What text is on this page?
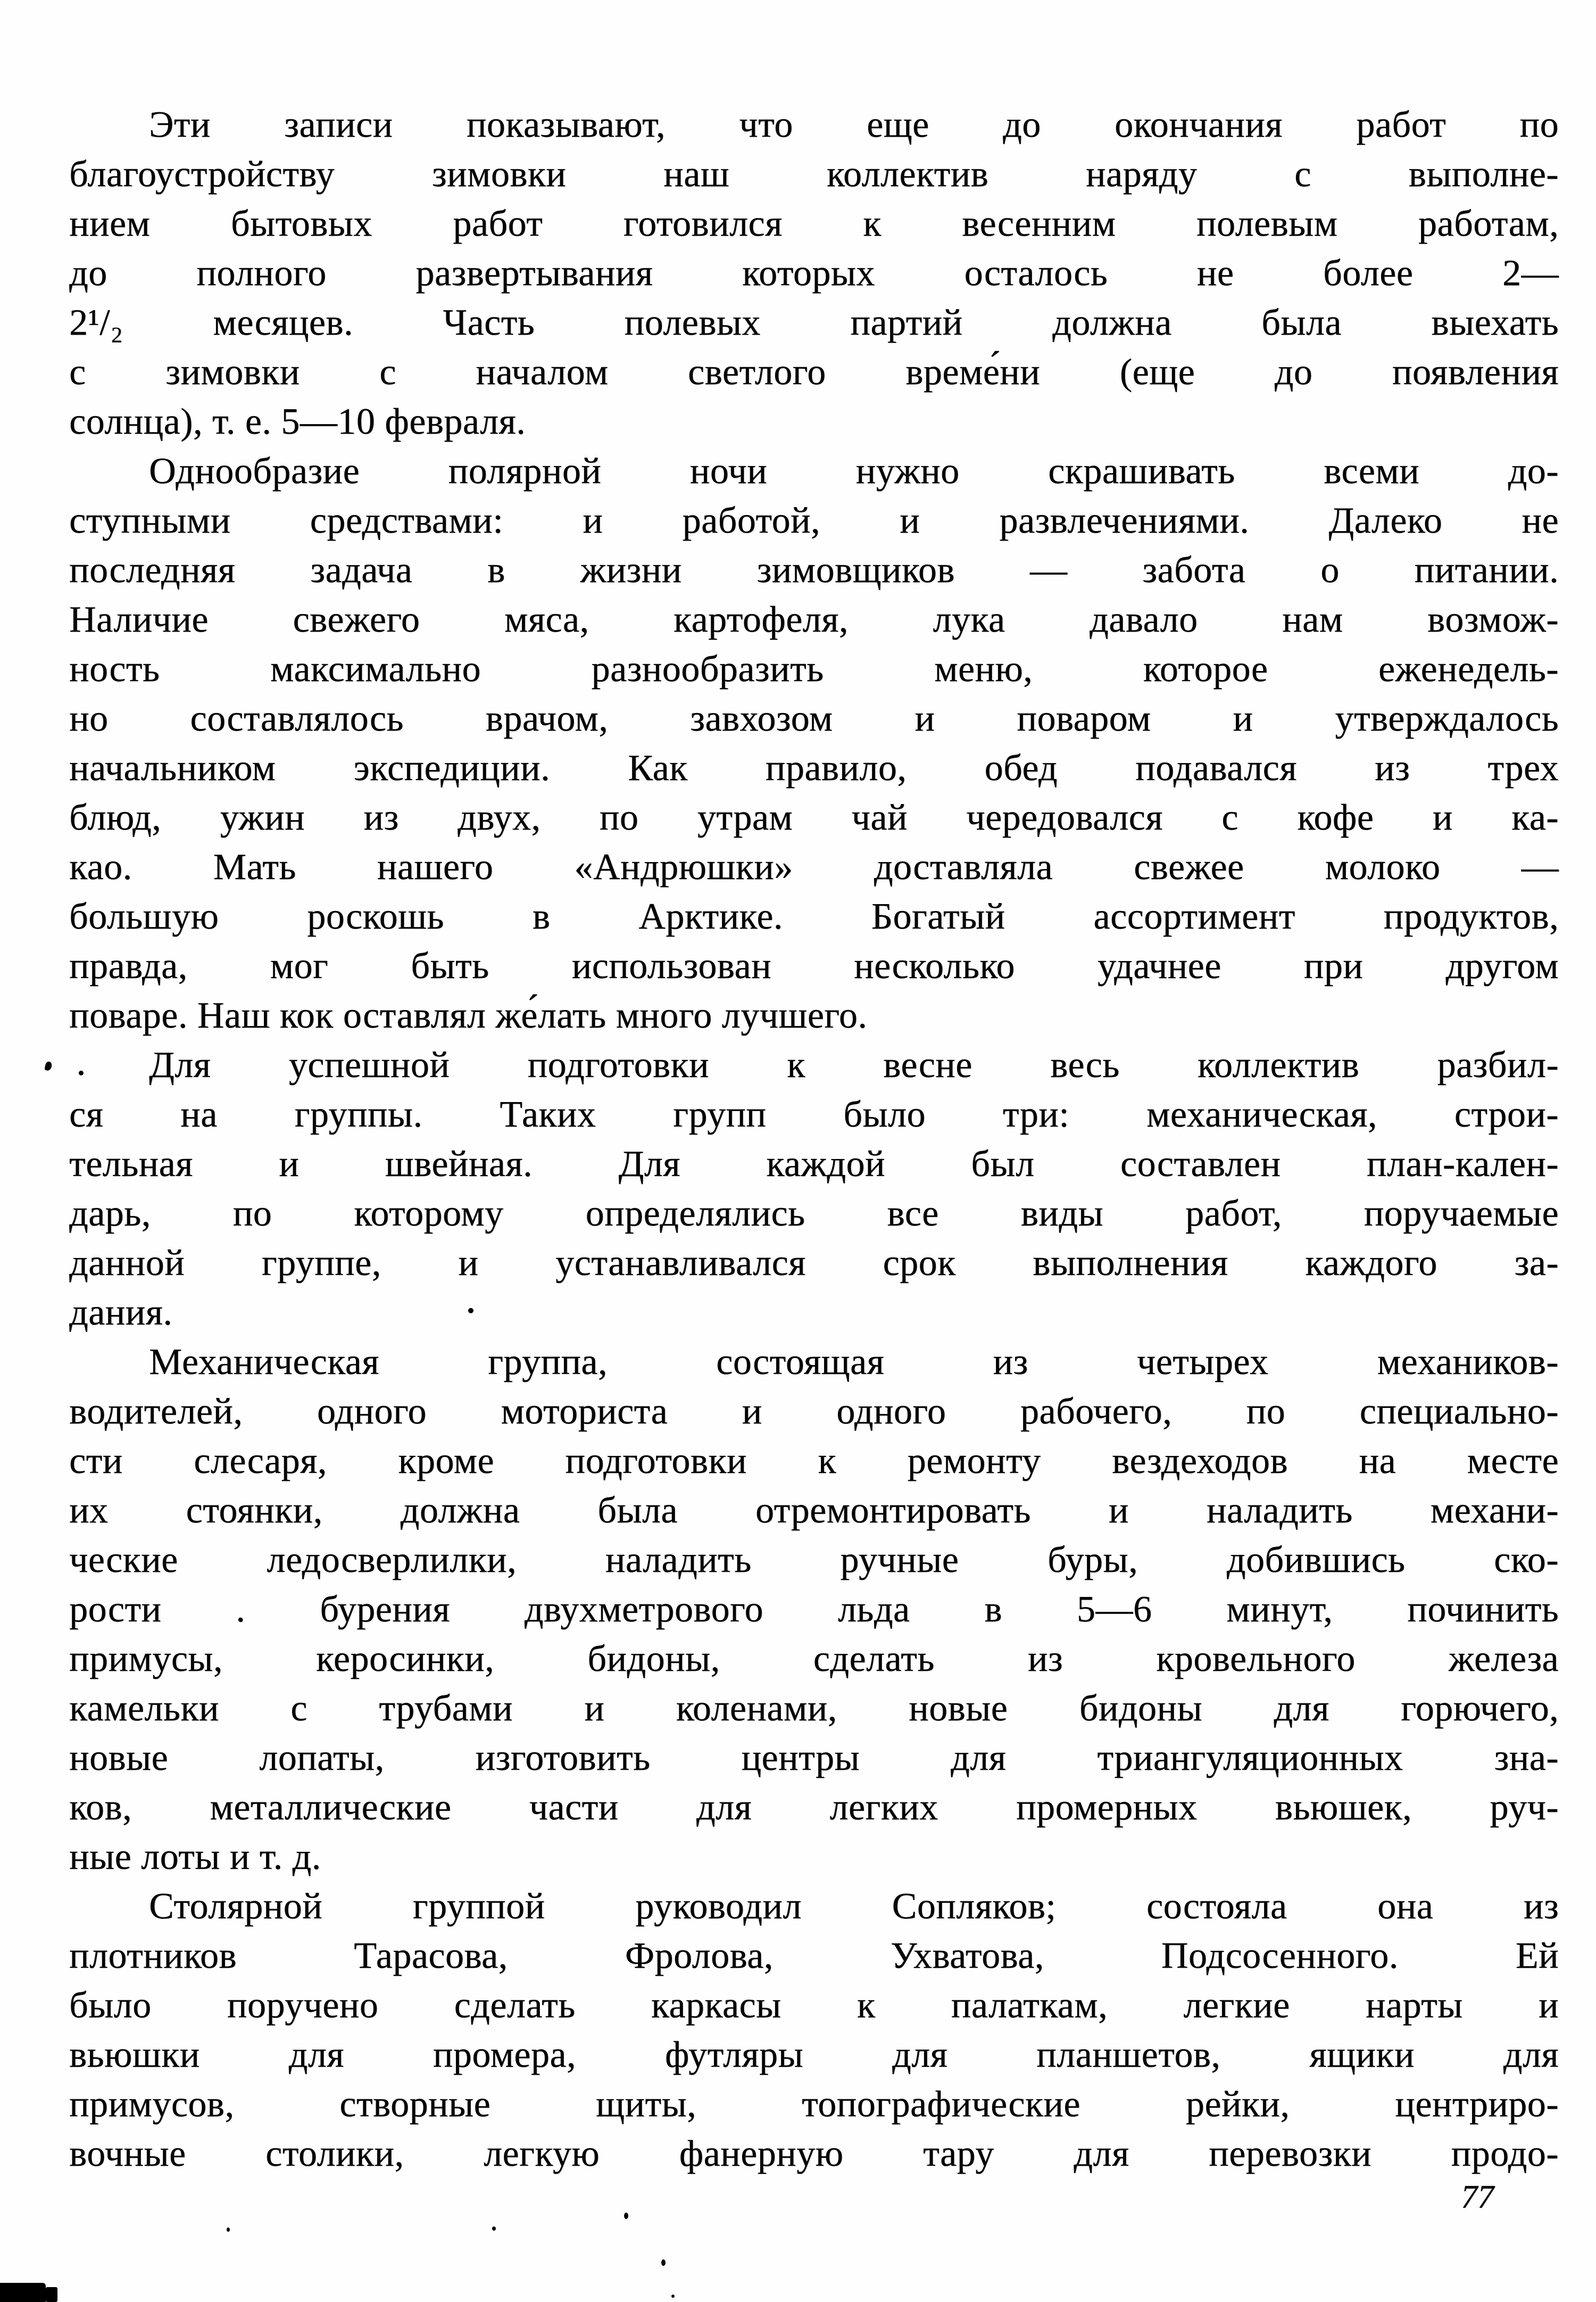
Эти записи показывают, что еще до окончания работ по
благоустройству зимовки наш коллектив наряду с выполне-
нием бытовых работ готовился к весенним полевым работам,
до полного развертывания которых осталось не более 2—
2¹/₂ месяцев. Часть полевых партий должна была выехать
с зимовки с началом светлого време́ни (еще до появления
солнца), т. е. 5—10 февраля.
Однообразие полярной ночи нужно скрашивать всеми до-
ступными средствами: и работой, и развлечениями. Далеко не
последняя задача в жизни зимовщиков — забота о питании.
Наличие свежего мяса, картофеля, лука давало нам возмож-
ность максимально разнообразить меню, которое еженедель-
но составлялось врачом, завхозом и поваром и утверждалось
начальником экспедиции. Как правило, обед подавался из трех
блюд, ужин из двух, по утрам чай чередовался с кофе и ка-
као. Мать нашего «Андрюшки» доставляла свежее молоко —
большую роскошь в Арктике. Богатый ассортимент продуктов,
правда, мог быть использован несколько удачнее при другом
поваре. Наш кок оставлял же́лать много лучшего.
Для успешной подготовки к весне весь коллектив разбил-
ся на группы. Таких групп было три: механическая, строи-
тельная и швейная. Для каждой был составлен план-кален-
дарь, по которому определялись все виды работ, поручаемые
данной группе, и устанавливался срок выполнения каждого за-
дания.
Механическая группа, состоящая из четырех механиков-
водителей, одного моториста и одного рабочего, по специально-
сти слесаря, кроме подготовки к ремонту вездеходов на месте
их стоянки, должна была отремонтировать и наладить механи-
ческие ледосверлилки, наладить ручные буры, добившись ско-
рости . бурения двухметрового льда в 5—6 минут, починить
примусы, керосинки, бидоны, сделать из кровельного железа
камельки с трубами и коленами, новые бидоны для горючего,
новые лопаты, изготовить центры для триангуляционных зна-
ков, металлические части для легких промерных вьюшек, руч-
ные лоты и т. д.
Столярной группой руководил Сопляков; состояла она из
плотников Тарасова, Фролова, Ухватова, Подсосенного. Ей
было поручено сделать каркасы к палаткам, легкие нарты и
вьюшки для промера, футляры для планшетов, ящики для
примусов, створные щиты, топографические рейки, центриро-
вочные столики, легкую фанерную тару для перевозки продо-
77
